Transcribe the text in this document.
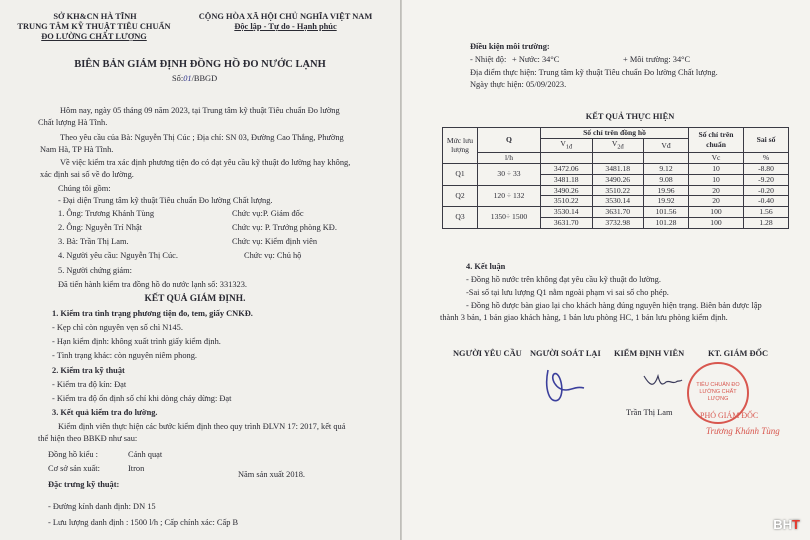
SỞ KH&CN HÀ TĨNH
TRUNG TÂM KỸ THUẬT TIÊU CHUẨN
ĐO LƯỜNG CHẤT LƯỢNG
CỘNG HÒA XÃ HỘI CHỦ NGHĨA VIỆT NAM
Độc lập - Tự do - Hạnh phúc
BIÊN BẢN GIÁM ĐỊNH ĐỒNG HỒ ĐO NƯỚC LẠNH
Số:01/BBGD
Hôm nay, ngày 05 tháng 09 năm 2023, tại Trung tâm kỹ thuật Tiêu chuẩn Đo lường
Chất lượng Hà Tĩnh.
Theo yêu cầu của Bà: Nguyễn Thị Cúc ; Địa chỉ: SN 03, Đường Cao Thắng, Phường
Nam Hà, TP Hà Tĩnh.
Về việc kiểm tra xác định phương tiện đo có đạt yêu cầu kỹ thuật đo lường hay không,
xác định sai số về đo lường.
Chúng tôi gồm:
- Đại diện Trung tâm kỹ thuật Tiêu chuẩn Đo lường Chất lượng.
1. Ông: Trương Khánh Tùng	Chức vụ:P. Giám đốc
2. Ông: Nguyễn Trí Nhật	Chức vụ: P. Trưởng phòng KĐ.
3. Bà: Trần Thị Lam.	Chức vụ: Kiểm định viên
4. Người yêu cầu: Nguyễn Thị Cúc.	Chức vụ: Chủ hộ
5. Người chứng giám:
Đã tiến hành kiểm tra đồng hồ đo nước lạnh số: 331323.
KẾT QUẢ GIÁM ĐỊNH.
1. Kiểm tra tình trạng phương tiện đo, tem, giấy CNKĐ.
- Kẹp chì còn nguyên vẹn số chì N145.
- Hạn kiểm định: không xuất trình giấy kiểm định.
- Tình trạng khác: còn nguyên niêm phong.
2. Kiểm tra kỹ thuật
- Kiểm tra độ kín: Đạt
- Kiểm tra độ ổn định số chỉ khi dòng chảy dừng: Đạt
3. Kết quả kiểm tra đo lường.
Kiểm định viên thực hiện các bước kiểm định theo quy trình ĐLVN 17: 2017, kết quả
thể hiện theo BBKĐ như sau:
Đồng hồ kiểu :	Cánh quạt
Cơ sở sản xuất:	Itron
Năm sản xuất 2018.
Đặc trưng kỹ thuật:
- Đường kính danh định: DN 15
- Lưu lượng danh định : 1500 l/h ; Cấp chính xác: Cấp B
Điều kiện môi trường:
- Nhiệt độ: + Nước: 34°C	+ Môi trường: 34°C
Địa điểm thực hiện: Trung tâm kỹ thuật Tiêu chuẩn Đo lường Chất lượng.
Ngày thực hiện: 05/09/2023.
KẾT QUẢ THỰC HIỆN
Mức lưu lượng	Q	Số chỉ trên đồng hồ			Số chỉ trên chuẩn	Sai số
		$V_{1đ}$	$V_{2đ}$	Vđ		
	l/h				Vc	%
Q1	30 ÷ 33	3472.06	3481.18	9.12	10	-8.80
		3481.18	3490.26	9.08	10	-9.20
Q2	120 ÷ 132	3490.26	3510.22	19.96	20	-0.20
		3510.22	3530.14	19.92	20	-0.40
Q3	1350÷ 1500	3530.14	3631.70	101.56	100	1.56
		3631.70	3732.98	101.28	100	1.28
4. Kết luận
- Đồng hồ nước trên không đạt yêu cầu kỹ thuật đo lường.
-Sai số tại lưu lượng Q1 nằm ngoài phạm vi sai số cho phép.
- Đồng hồ được bàn giao lại cho khách hàng đúng nguyên hiện trạng. Biên bản được lập
thành 3 bản, 1 bản giao khách hàng, 1 bản lưu phòng HC, 1 bản lưu phòng kiểm định.
NGƯỜI YÊU CẦU NGƯỜI SOÁT LẠI KIỂM ĐỊNH VIÊN	KT. GIÁM ĐỐC
Trần Thị Lam
TIÊU CHUẨN ĐO LƯỜNG CHẤT LƯỢNG
PHÓ GIÁM ĐỐC
Trương Khánh Tùng
BHT
